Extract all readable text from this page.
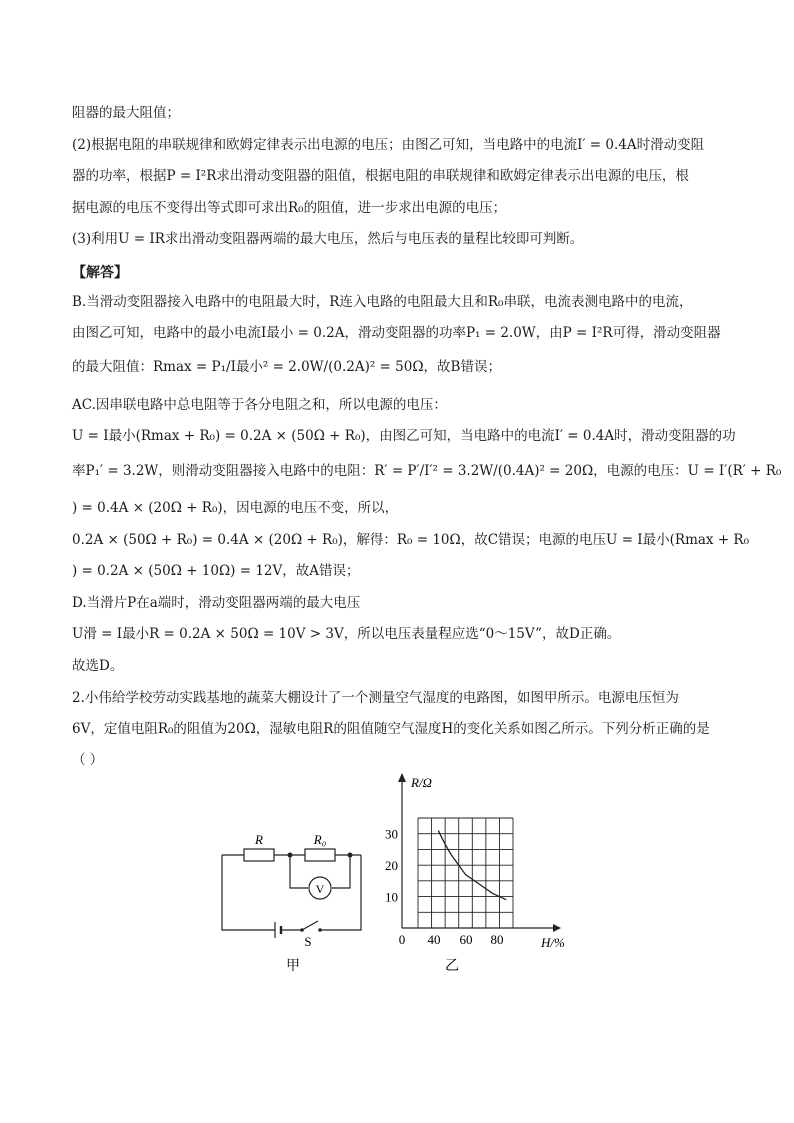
阻器的最大阻值；
(2)根据电阻的串联规律和欧姆定律表示出电源的电压；由图乙可知，当电路中的电流I′ = 0.4A时滑动变阻
器的功率，根据P = I²R求出滑动变阻器的阻值，根据电阻的串联规律和欧姆定律表示出电源的电压，根
据电源的电压不变得出等式即可求出R₀的阻值，进一步求出电源的电压；
(3)利用U = IR求出滑动变阻器两端的最大电压，然后与电压表的量程比较即可判断。
【解答】
B.当滑动变阻器接入电路中的电阻最大时，R连入电路的电阻最大且和R₀串联，电流表测电路中的电流，
由图乙可知，电路中的最小电流I最小 = 0.2A，滑动变阻器的功率P₁ = 2.0W，由P = I²R可得，滑动变阻器
的最大阻值：Rmax = P₁/I最小² = 2.0W/(0.2A)² = 50Ω，故B错误；
AC.因串联电路中总电阻等于各分电阻之和，所以电源的电压：
U = I最小(Rmax + R₀) = 0.2A × (50Ω + R₀)，由图乙可知，当电路中的电流I′ = 0.4A时，滑动变阻器的功
率P₁′ = 3.2W，则滑动变阻器接入电路中的电阻：R′ = P′/I′² = 3.2W/(0.4A)² = 20Ω，电源的电压：U = I′(R′ + R₀
) = 0.4A × (20Ω + R₀)，因电源的电压不变，所以，
0.2A × (50Ω + R₀) = 0.4A × (20Ω + R₀)，解得：R₀ = 10Ω，故C错误；电源的电压U = I最小(Rmax + R₀
) = 0.2A × (50Ω + 10Ω) = 12V，故A错误；
D.当滑片P在a端时，滑动变阻器两端的最大电压
U滑 = I最小R = 0.2A × 50Ω = 10V > 3V，所以电压表量程应选“0～15V”，故D正确。
故选D。
2.小伟给学校劳动实践基地的蔬菜大棚设计了一个测量空气湿度的电路图，如图甲所示。电源电压恒为
6V，定值电阻R₀的阻值为20Ω，湿敏电阻R的阻值随空气湿度H的变化关系如图乙所示。下列分析正确的是
（ ）
R	R₀
V
S
甲
R/Ω
H/%
10
20
30
0 40 60 80
乙
